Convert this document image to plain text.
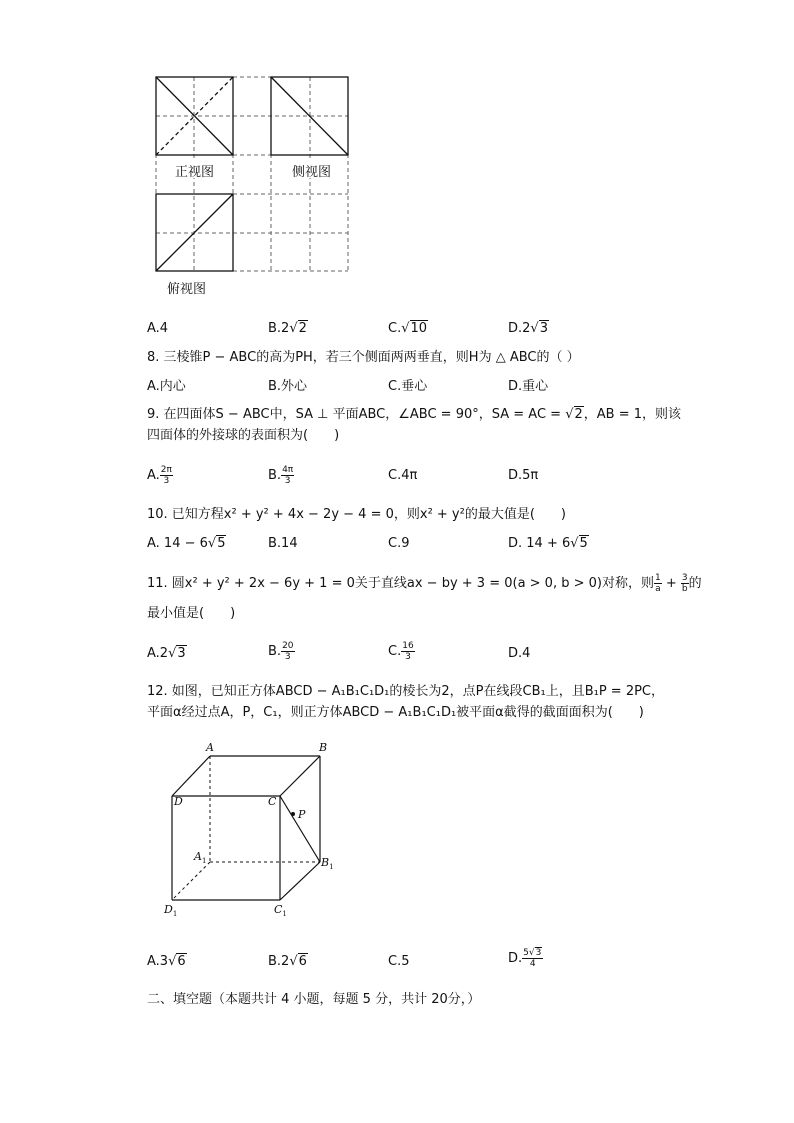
正视图	侧视图
俯视图
A.4	B.2√2	C.√10	D.2√3
8. 三棱锥P − ABC的高为PH，若三个侧面两两垂直，则H为 △ ABC的（ ）
A.内心	B.外心	C.垂心	D.重心
9. 在四面体S − ABC中，SA ⊥ 平面ABC，∠ABC = 90°，SA = AC = √2，AB = 1，则该
四面体的外接球的表面积为(　　)
A. $\frac{2\pi}{3}$	B. $\frac{4\pi}{3}$	C.4π	D.5π
10. 已知方程x² + y² + 4x − 2y − 4 = 0，则x² + y²的最大值是(　　)
A. 14 − 6√5	B.14	C.9	D. 14 + 6√5
11. 圆x² + y² + 2x − 6y + 1 = 0关于直线ax − by + 3 = 0(a > 0, b > 0)对称，则 $\frac{1}{a} + \frac{3}{b}$ 的
最小值是(　　)
A.2√3	B. $\frac{20}{3}$	C. $\frac{16}{3}$	D.4
12. 如图，已知正方体ABCD − A₁B₁C₁D₁的棱长为2，点P在线段CB₁上，且B₁P = 2PC，
平面α经过点A，P，C₁，则正方体ABCD − A₁B₁C₁D₁被平面α截得的截面面积为(　　)
A	B
D	C
P
$A_1$	$B_1$
$D_1$	$C_1$
A.3√6	B.2√6	C.5	D. $\frac{5√3}{4}$
二、填空题（本题共计 4 小题，每题 5 分，共计 20分，）
